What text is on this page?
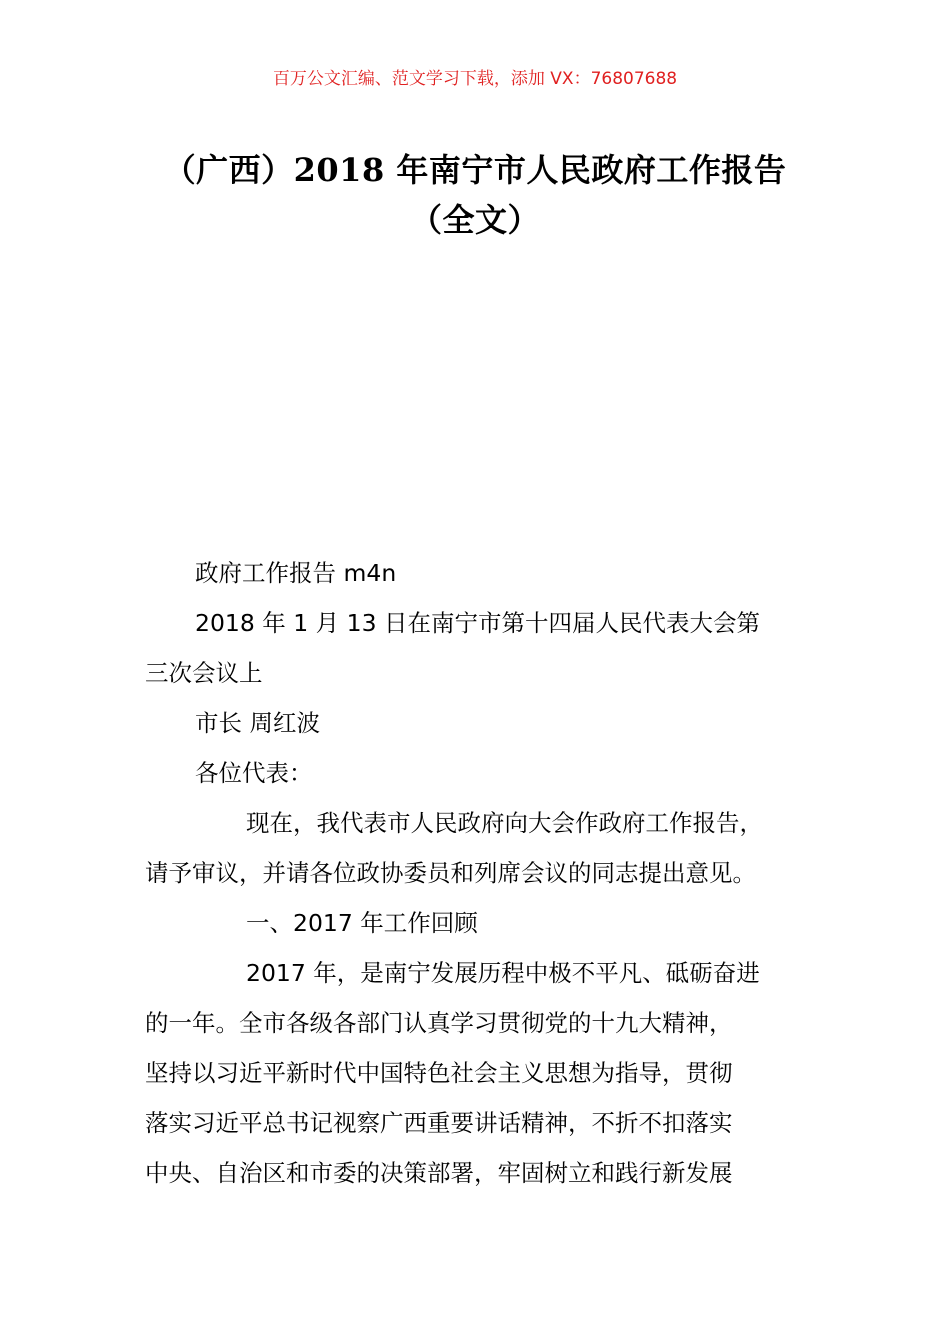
百万公文汇编、范文学习下载，添加 VX：76807688
（广西）2018 年南宁市人民政府工作报告
（全文）
政府工作报告 m4n
2018 年 1 月 13 日在南宁市第十四届人民代表大会第
三次会议上
市长 周红波
各位代表：
现在，我代表市人民政府向大会作政府工作报告，
请予审议，并请各位政协委员和列席会议的同志提出意见。
一、2017 年工作回顾
2017 年，是南宁发展历程中极不平凡、砥砺奋进
的一年。全市各级各部门认真学习贯彻党的十九大精神，
坚持以习近平新时代中国特色社会主义思想为指导，贯彻
落实习近平总书记视察广西重要讲话精神，不折不扣落实
中央、自治区和市委的决策部署，牢固树立和践行新发展
